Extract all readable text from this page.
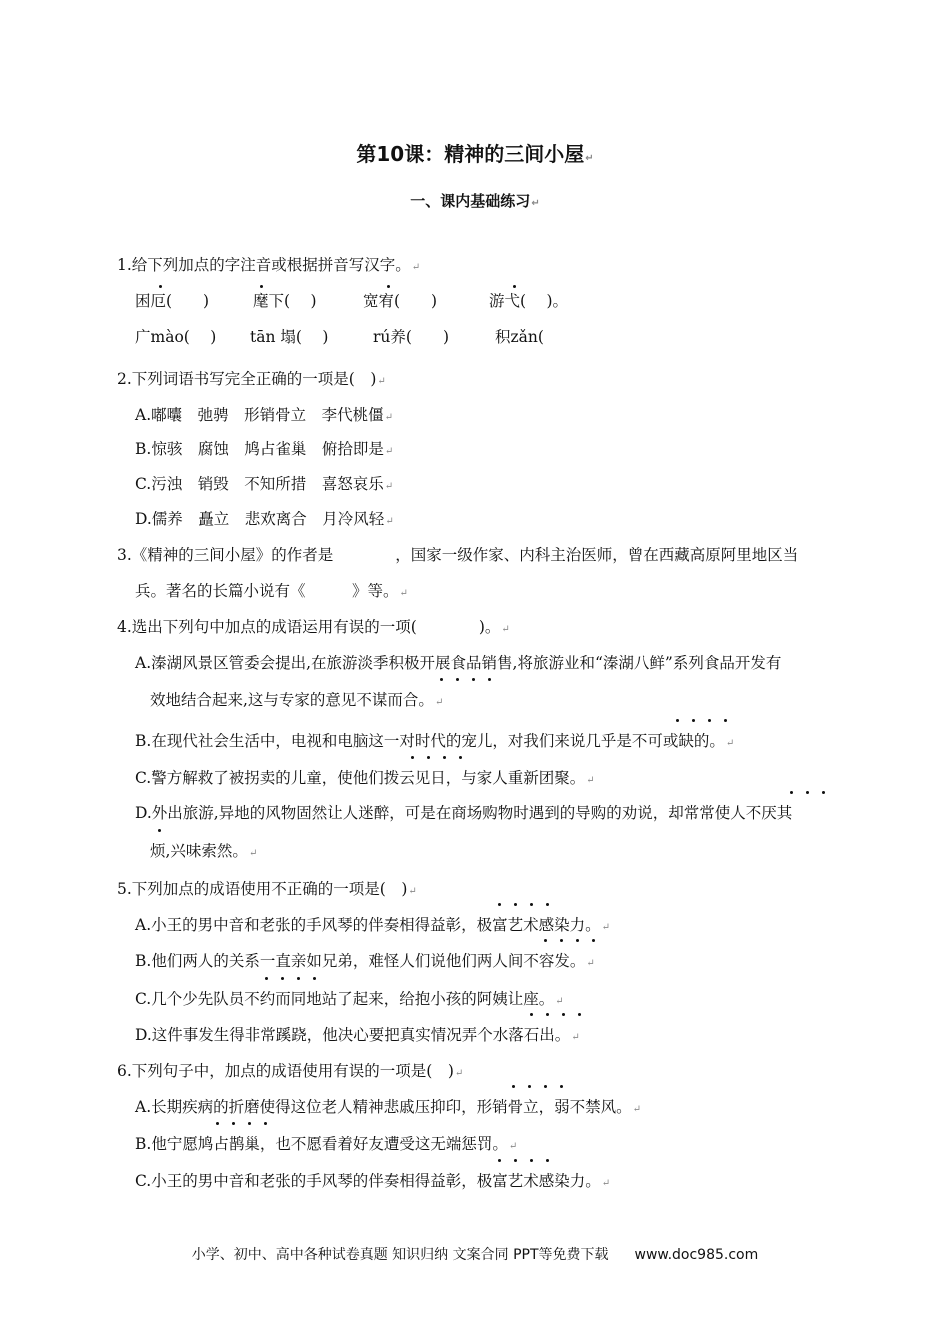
第10课：精神的三间小屋↵
一、课内基础练习↵
1.给下列加点的字注音或根据拼音写汉字。↵
困厄(　　)	麾下(　 )	宽宥(　　)	游弋(　 )。
广mào(　 ) tān 塌(　 )	rú养(　　)	积zǎn(
2.下列词语书写完全正确的一项是(　)↵
A.嘟囔　弛骋　形销骨立　李代桃僵↵
B.惊骇　腐蚀　鸠占雀巢　俯拾即是↵
C.污浊　销毁　不知所措　喜怒哀乐↵
D.儒养　矗立　悲欢离合　月冷风轻↵
3.《精神的三间小屋》的作者是　　　　，国家一级作家、内科主治医师，曾在西藏高原阿里地区当
兵。著名的长篇小说有《　　　》等。↵
4.选出下列句中加点的成语运用有误的一项(　　　　)。↵
A.溱湖风景区管委会提出,在旅游淡季积极开展食品销售,将旅游业和“溱湖八鲜”系列食品开发有
效地结合起来,这与专家的意见不谋而合。↵
B.在现代社会生活中，电视和电脑这一对时代的宠儿，对我们来说几乎是不可或缺的。↵
C.警方解救了被拐卖的儿童，使他们拨云见日，与家人重新团聚。↵
D.外出旅游,异地的风物固然让人迷醉，可是在商场购物时遇到的导购的劝说，却常常使人不厌其
烦,兴味索然。↵
5.下列加点的成语使用不正确的一项是(　)↵
A.小王的男中音和老张的手风琴的伴奏相得益彰，极富艺术感染力。↵
B.他们两人的关系一直亲如兄弟，难怪人们说他们两人间不容发。↵
C.几个少先队员不约而同地站了起来，给抱小孩的阿姨让座。↵
D.这件事发生得非常蹊跷，他决心要把真实情况弄个水落石出。↵
6.下列句子中，加点的成语使用有误的一项是(　)↵
A.长期疾病的折磨使得这位老人精神悲戚压抑印，形销骨立，弱不禁风。↵
B.他宁愿鸠占鹊巢，也不愿看着好友遭受这无端惩罚。↵
C.小王的男中音和老张的手风琴的伴奏相得益彰，极富艺术感染力。↵
小学、初中、高中各种试卷真题 知识归纳 文案合同 PPT等免费下载 www.doc985.com
